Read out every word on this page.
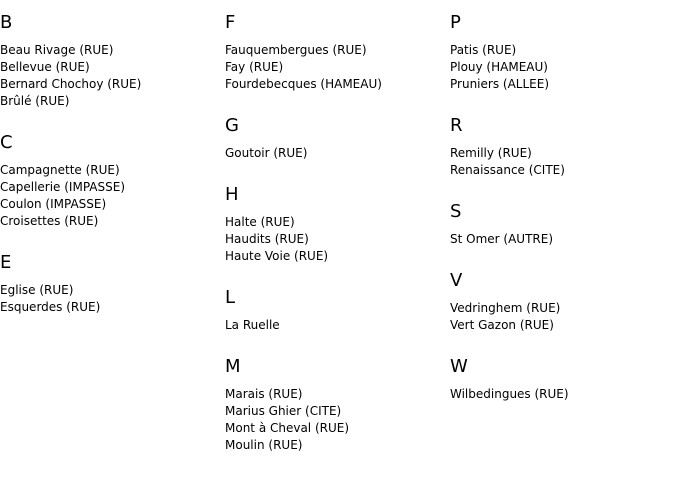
B
Beau Rivage (RUE)
Bellevue (RUE)
Bernard Chochoy (RUE)
Brûlé (RUE)
C
Campagnette (RUE)
Capellerie (IMPASSE)
Coulon (IMPASSE)
Croisettes (RUE)
E
Eglise (RUE)
Esquerdes (RUE)
F
Fauquembergues (RUE)
Fay (RUE)
Fourdebecques (HAMEAU)
G
Goutoir (RUE)
H
Halte (RUE)
Haudits (RUE)
Haute Voie (RUE)
L
La Ruelle
M
Marais (RUE)
Marius Ghier (CITE)
Mont à Cheval (RUE)
Moulin (RUE)
P
Patis (RUE)
Plouy (HAMEAU)
Pruniers (ALLEE)
R
Remilly (RUE)
Renaissance (CITE)
S
St Omer (AUTRE)
V
Vedringhem (RUE)
Vert Gazon (RUE)
W
Wilbedingues (RUE)
